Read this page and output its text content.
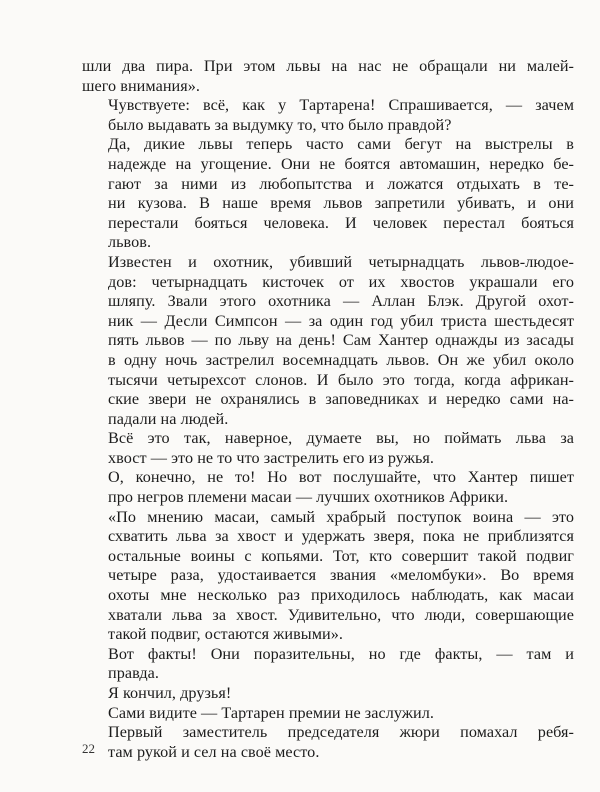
шли два пира. При этом львы на нас не обращали ни малей-
шего внимания».

Чувствуете: всё, как у Тартарена! Спрашивается, — зачем
было выдавать за выдумку то, что было правдой?

Да, дикие львы теперь часто сами бегут на выстрелы в
надежде на угощение. Они не боятся автомашин, нередко бе-
гают за ними из любопытства и ложатся отдыхать в те-
ни кузова. В наше время львов запретили убивать, и они
перестали бояться человека. И человек перестал бояться
львов.

Известен и охотник, убивший четырнадцать львов-людое-
дов: четырнадцать кисточек от их хвостов украшали его
шляпу. Звали этого охотника — Аллан Блэк. Другой охот-
ник — Десли Симпсон — за один год убил триста шестьдесят
пять львов — по льву на день! Сам Хантер однажды из засады
в одну ночь застрелил восемнадцать львов. Он же убил около
тысячи четырехсот слонов. И было это тогда, когда африкан-
ские звери не охранялись в заповедниках и нередко сами на-
падали на людей.

Всё это так, наверное, думаете вы, но поймать льва за
хвост — это не то что застрелить его из ружья.

О, конечно, не то! Но вот послушайте, что Хантер пишет
про негров племени масаи — лучших охотников Африки.

«По мнению масаи, самый храбрый поступок воина — это
схватить льва за хвост и удержать зверя, пока не приблизятся
остальные воины с копьями. Тот, кто совершит такой подвиг
четыре раза, удостаивается звания «меломбуки». Во время
охоты мне несколько раз приходилось наблюдать, как масаи
хватали льва за хвост. Удивительно, что люди, совершающие
такой подвиг, остаются живыми».

Вот факты! Они поразительны, но где факты, — там и
правда.

Я кончил, друзья!

Сами видите — Тартарен премии не заслужил.

Первый заместитель председателя жюри помахал ребя-
там рукой и сел на своё место.

22
